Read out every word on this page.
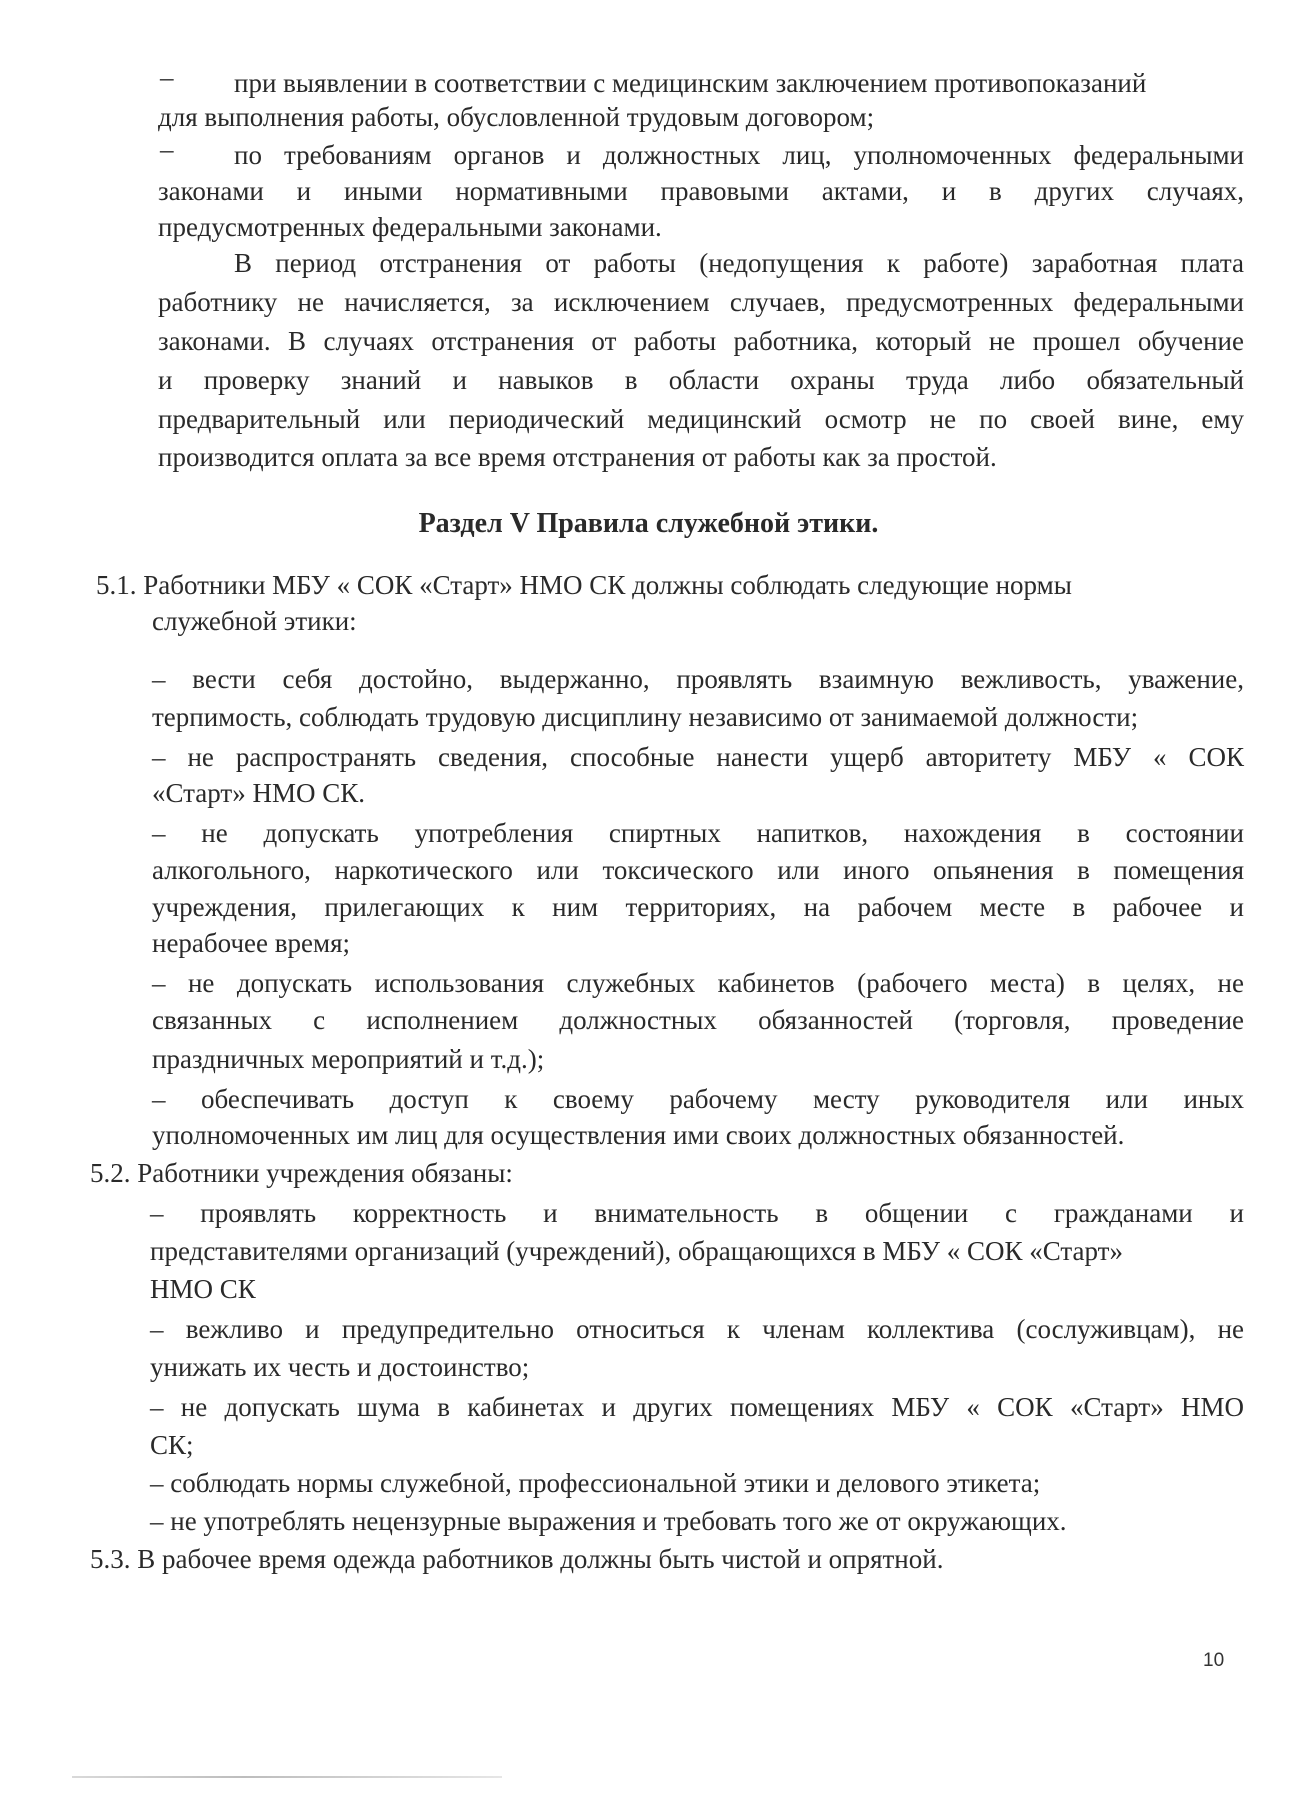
– при выявлении в соответствии с медицинским заключением противопоказаний
для выполнения работы, обусловленной трудовым договором;
– по требованиям органов и должностных лиц, уполномоченных федеральными
законами и иными нормативными правовыми актами, и в других случаях,
предусмотренных федеральными законами.
В период отстранения от работы (недопущения к работе) заработная плата
работнику не начисляется, за исключением случаев, предусмотренных федеральными
законами. В случаях отстранения от работы работника, который не прошел обучение
и проверку знаний и навыков в области охраны труда либо обязательный
предварительный или периодический медицинский осмотр не по своей вине, ему
производится оплата за все время отстранения от работы как за простой.
Раздел V Правила служебной этики.
5.1. Работники МБУ « СОК «Старт» НМО СК должны соблюдать следующие нормы
служебной этики:
– вести себя достойно, выдержанно, проявлять взаимную вежливость, уважение,
терпимость, соблюдать трудовую дисциплину независимо от занимаемой должности;
– не распространять сведения, способные нанести ущерб авторитету МБУ « СОК
«Старт» НМО СК.
– не допускать употребления спиртных напитков, нахождения в состоянии
алкогольного, наркотического или токсического или иного опьянения в помещения
учреждения, прилегающих к ним территориях, на рабочем месте в рабочее и
нерабочее время;
– не допускать использования служебных кабинетов (рабочего места) в целях, не
связанных с исполнением должностных обязанностей (торговля, проведение
праздничных мероприятий и т.д.);
– обеспечивать доступ к своему рабочему месту руководителя или иных
уполномоченных им лиц для осуществления ими своих должностных обязанностей.
5.2. Работники учреждения обязаны:
– проявлять корректность и внимательность в общении с гражданами и
представителями организаций (учреждений), обращающихся в МБУ « СОК «Старт»
НМО СК
– вежливо и предупредительно относиться к членам коллектива (сослуживцам), не
унижать их честь и достоинство;
– не допускать шума в кабинетах и других помещениях МБУ « СОК «Старт» НМО
СК;
– соблюдать нормы служебной, профессиональной этики и делового этикета;
– не употреблять нецензурные выражения и требовать того же от окружающих.
5.3. В рабочее время одежда работников должны быть чистой и опрятной.
10
